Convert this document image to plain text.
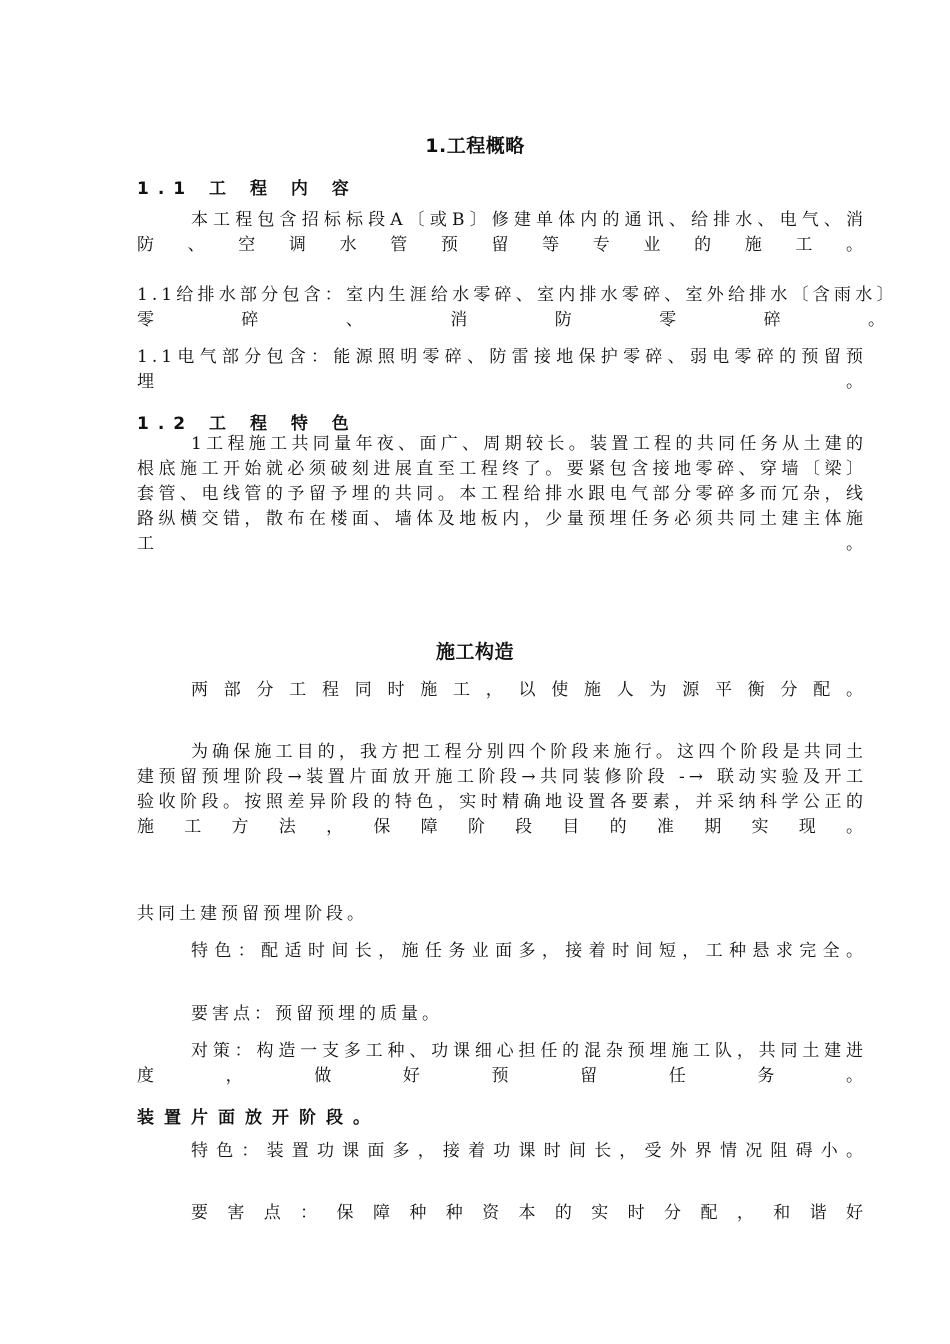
1.工程概略
1.1 工 程 内 容
本工程包含招标标段A〔或B〕修建单体内的通讯、给排水、电气、消防、空调水管预留等专业的施工。
1.1给排水部分包含：室内生涯给水零碎、室内排水零碎、室外给排水〔含雨水〕零碎、消防零碎。
1.1电气部分包含：能源照明零碎、防雷接地保护零碎、弱电零碎的预留预埋。
1.2 工 程 特 色
1工程施工共同量年夜、面广、周期较长。装置工程的共同任务从土建的根底施工开始就必须破刻进展直至工程终了。要紧包含接地零碎、穿墙〔梁〕套管、电线管的予留予埋的共同。本工程给排水跟电气部分零碎多而冗杂，线路纵横交错，散布在楼面、墙体及地板内，少量预埋任务必须共同土建主体施工。
施工构造
两部分工程同时施工，以使施人为源平衡分配。
为确保施工目的，我方把工程分别四个阶段来施行。这四个阶段是共同土建预留预埋阶段→装置片面放开施工阶段→共同装修阶段 -→ 联动实验及开工验收阶段。按照差异阶段的特色，实时精确地设置各要素，并采纳科学公正的施工方法，保障阶段目的准期实现。
共同土建预留预埋阶段。
特色：配适时间长，施任务业面多，接着时间短，工种悬求完全。
要害点：预留预埋的质量。
对策：构造一支多工种、功课细心担任的混杂预埋施工队，共同土建进度，做好预留任务。
装置片面放开阶段。
特色：装置功课面多，接着功课时间长，受外界情况阻碍小。
要害点：保障种种资本的实时分配，和谐好
